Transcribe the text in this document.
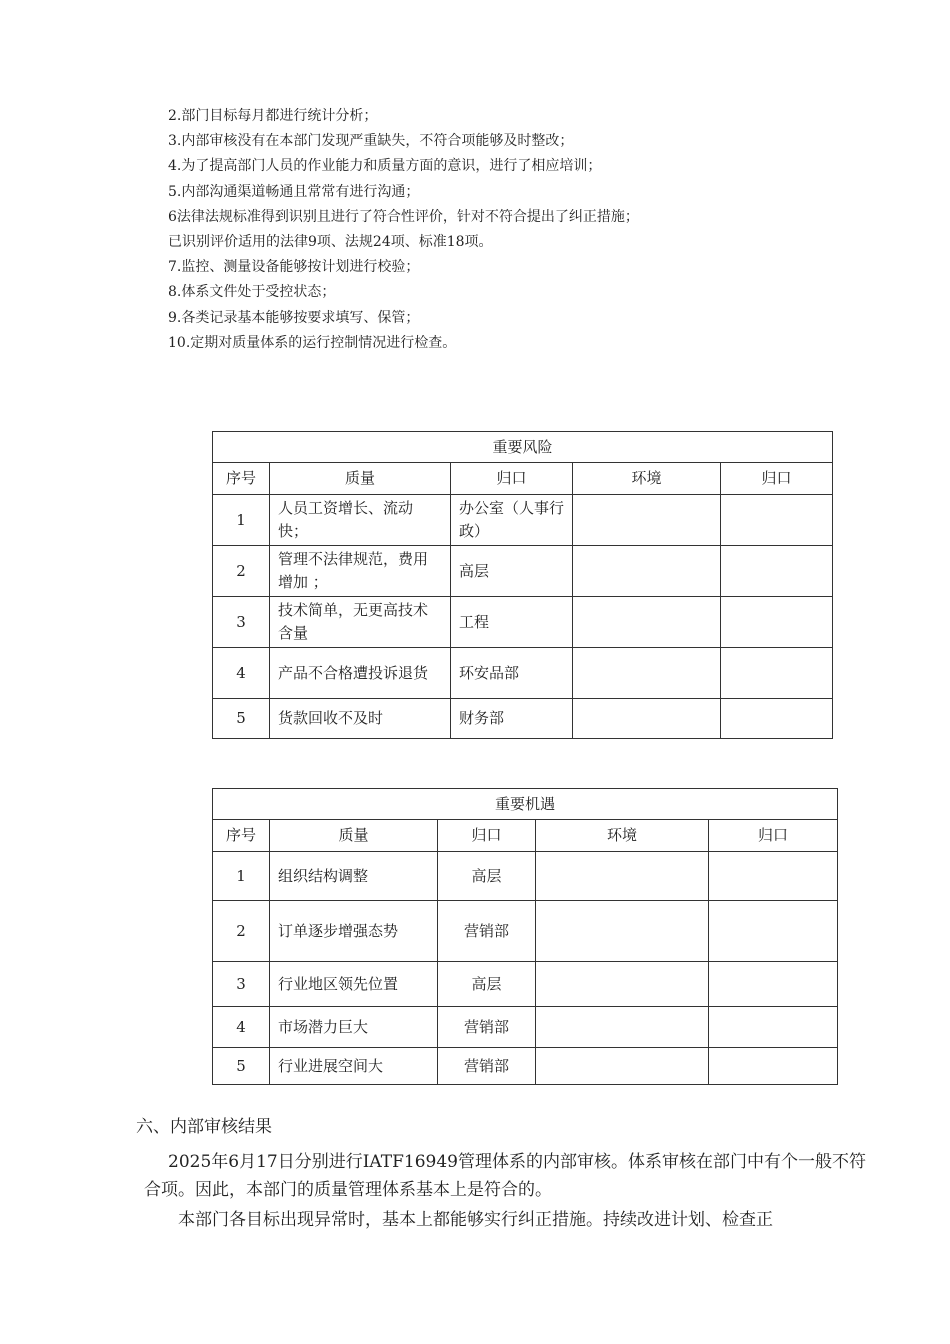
2.部门目标每月都进行统计分析；
3.内部审核没有在本部门发现严重缺失，不符合项能够及时整改；
4.为了提高部门人员的作业能力和质量方面的意识，进行了相应培训；
5.内部沟通渠道畅通且常常有进行沟通；
6法律法规标准得到识别且进行了符合性评价，针对不符合提出了纠正措施；
已识别评价适用的法律9项、法规24项、标准18项。
7.监控、测量设备能够按计划进行校验；
8.体系文件处于受控状态；
9.各类记录基本能够按要求填写、保管；
10.定期对质量体系的运行控制情况进行检查。
重要风险				
序号	质量	归口	环境	归口
1	人员工资增长、流动快；	办公室（人事行政）		
2	管理不法律规范，费用增加 ；	高层		
3	技术简单，无更高技术含量	工程		
4	产品不合格遭投诉退货	环安品部		
5	货款回收不及时	财务部		
重要机遇				
序号	质量	归口	环境	归口
1	组织结构调整	高层		
2	订单逐步增强态势	营销部		
3	行业地区领先位置	高层		
4	市场潜力巨大	营销部		
5	行业进展空间大	营销部		
六、内部审核结果
2025年6月17日分别进行IATF16949管理体系的内部审核。体系审核在部门中有个一般不符合项。因此，本部门的质量管理体系基本上是符合的。
本部门各目标出现异常时，基本上都能够实行纠正措施。持续改进计划、检查正
